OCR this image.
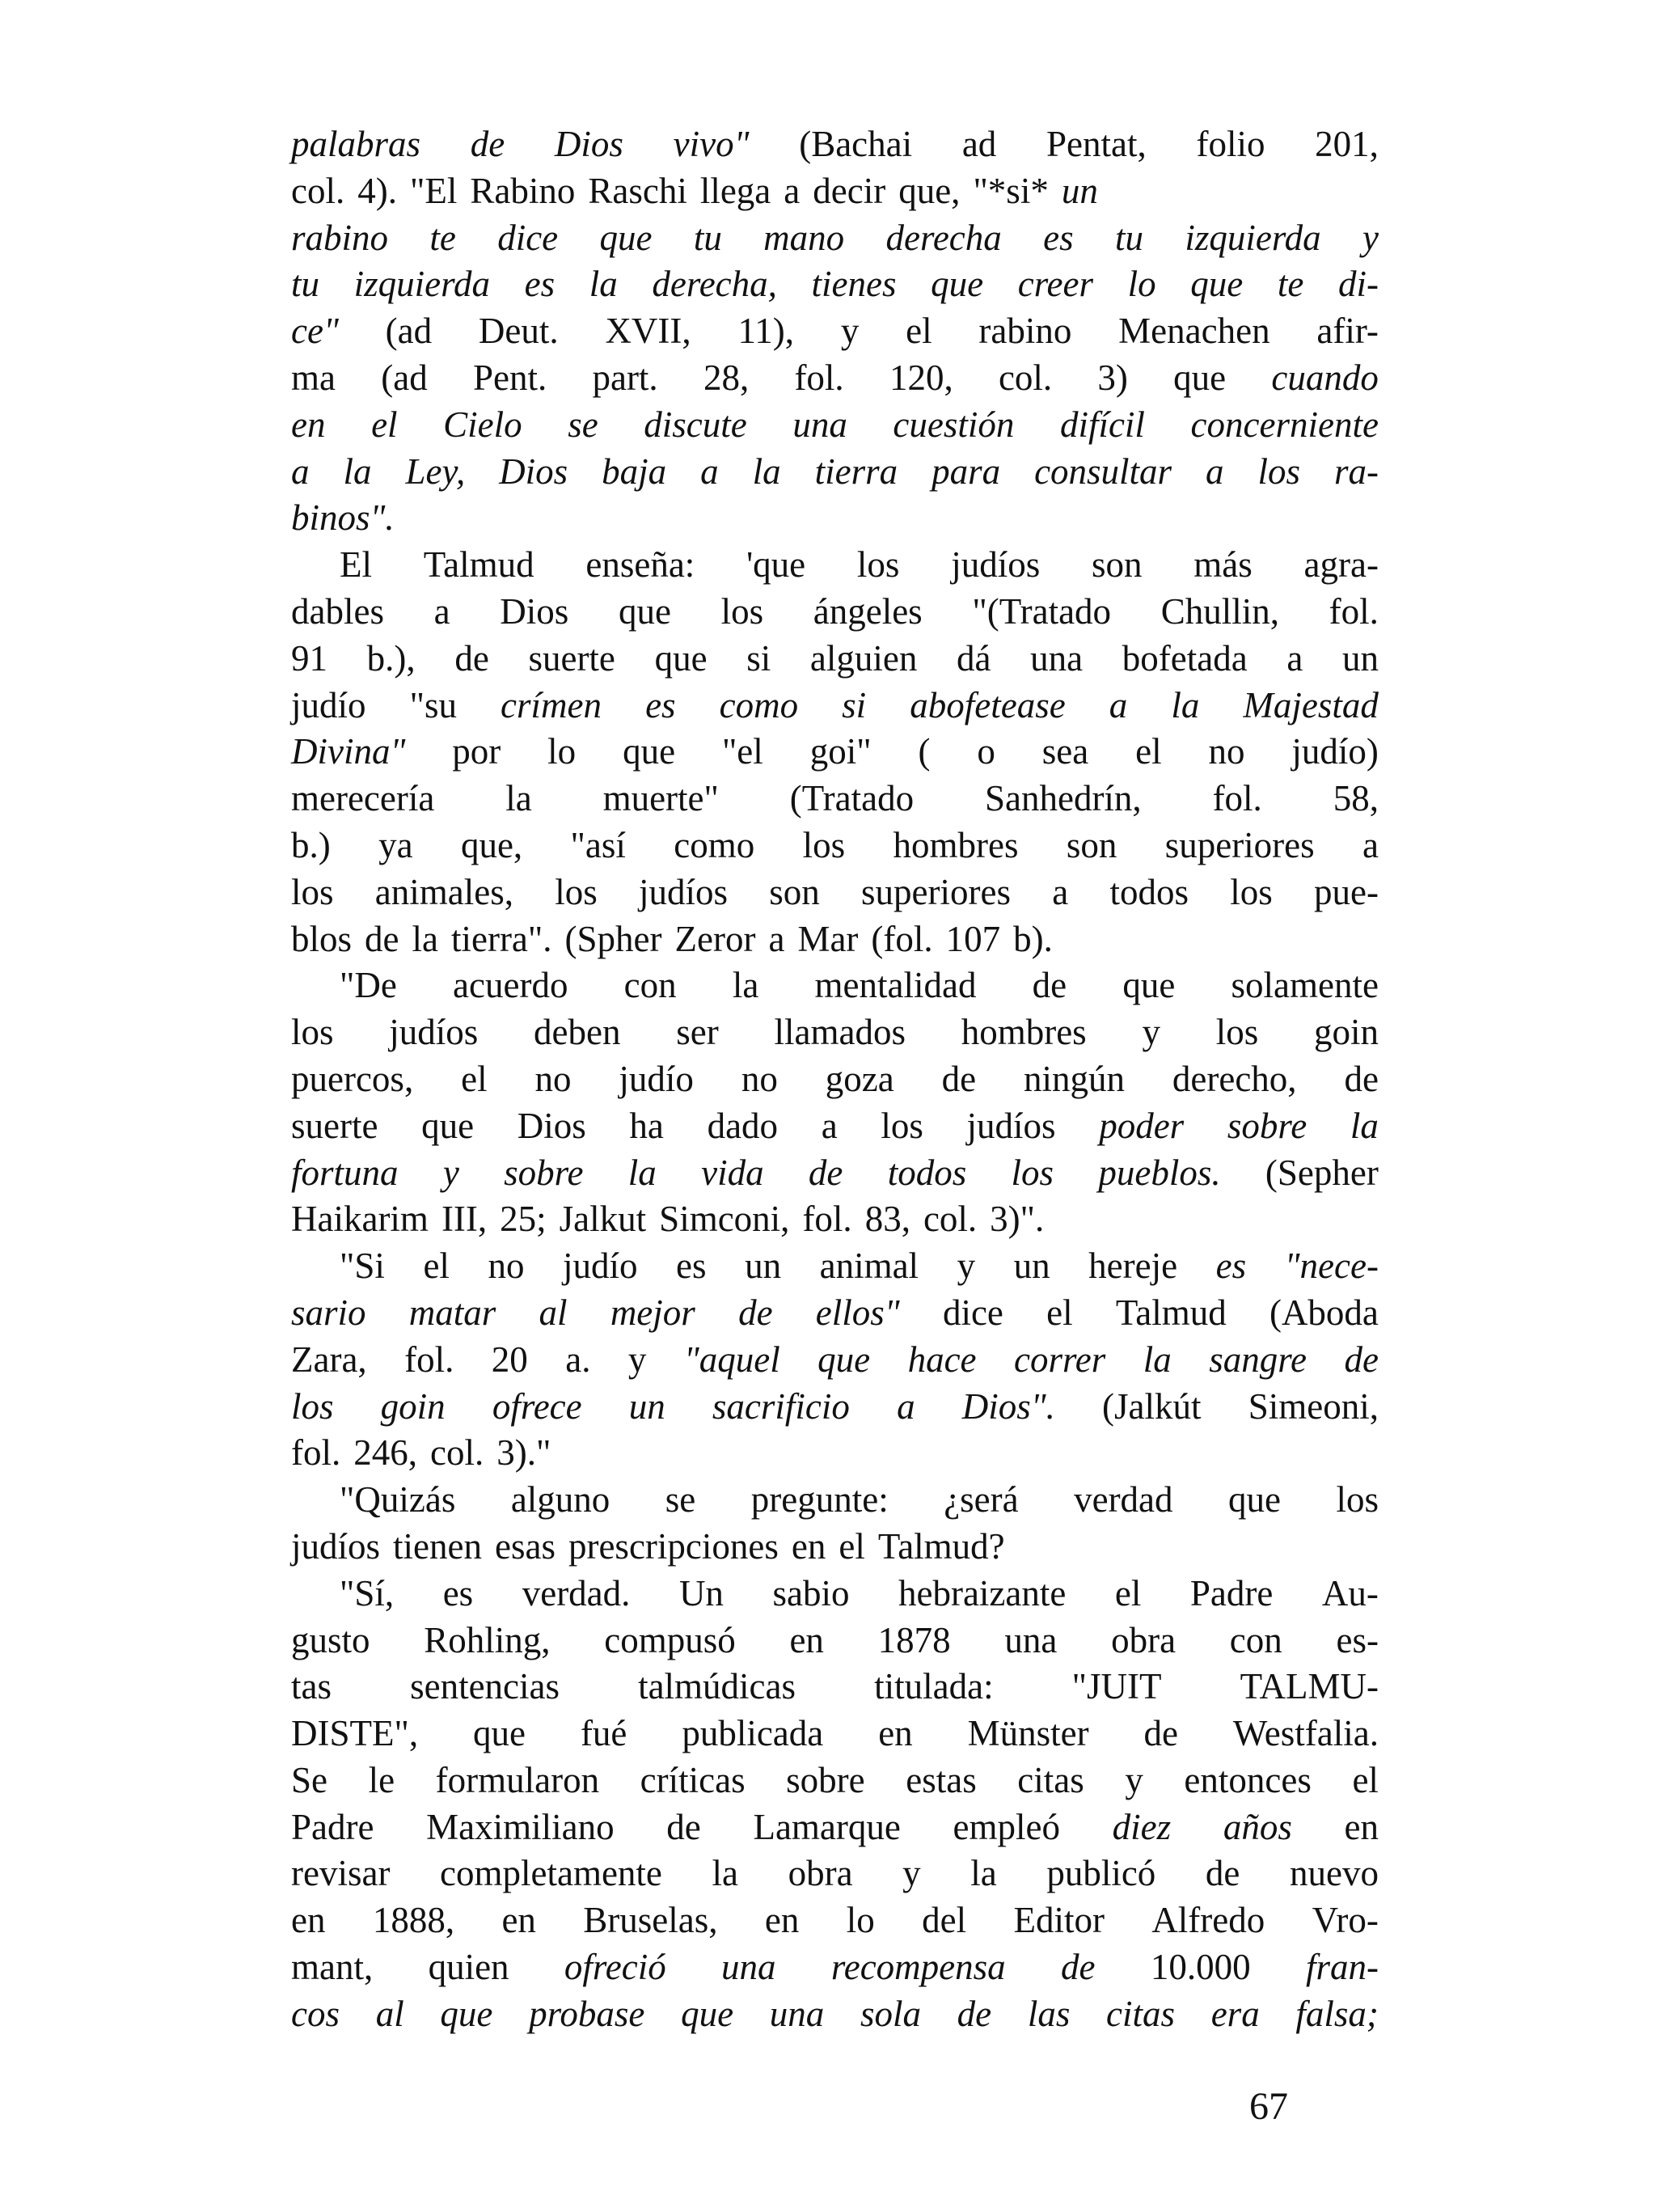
palabras de Dios vivo" (Bachai ad Pentat, folio 201,
col. 4). "El Rabino Raschi llega a decir que, "*si* un
rabino te dice que tu mano derecha es tu izquierda y
tu izquierda es la derecha, tienes que creer lo que te di-
ce" (ad Deut. XVII, 11), y el rabino Menachen afir-
ma (ad Pent. part. 28, fol. 120, col. 3) que cuando
en el Cielo se discute una cuestión difícil concerniente
a la Ley, Dios baja a la tierra para consultar a los ra-
binos".
El Talmud enseña: 'que los judíos son más agra-
dables a Dios que los ángeles "(Tratado Chullin, fol.
91 b.), de suerte que si alguien dá una bofetada a un
judío "su crímen es como si abofetease a la Majestad
Divina" por lo que "el goi" ( o sea el no judío)
merecería la muerte" (Tratado Sanhedrín, fol. 58,
b.) ya que, "así como los hombres son superiores a
los animales, los judíos son superiores a todos los pue-
blos de la tierra". (Spher Zeror a Mar (fol. 107 b).
"De acuerdo con la mentalidad de que solamente
los judíos deben ser llamados hombres y los goin
puercos, el no judío no goza de ningún derecho, de
suerte que Dios ha dado a los judíos poder sobre la
fortuna y sobre la vida de todos los pueblos. (Sepher
Haikarim III, 25; Jalkut Simconi, fol. 83, col. 3)".
"Si el no judío es un animal y un hereje es "nece-
sario matar al mejor de ellos" dice el Talmud (Aboda
Zara, fol. 20 a. y "aquel que hace correr la sangre de
los goin ofrece un sacrificio a Dios". (Jalkút Simeoni,
fol. 246, col. 3)."
"Quizás alguno se pregunte: ¿será verdad que los
judíos tienen esas prescripciones en el Talmud?
"Sí, es verdad. Un sabio hebraizante el Padre Au-
gusto Rohling, compusó en 1878 una obra con es-
tas sentencias talmúdicas titulada: "JUIT TALMU-
DISTE", que fué publicada en Münster de Westfalia.
Se le formularon críticas sobre estas citas y entonces el
Padre Maximiliano de Lamarque empleó diez años en
revisar completamente la obra y la publicó de nuevo
en 1888, en Bruselas, en lo del Editor Alfredo Vro-
mant, quien ofreció una recompensa de 10.000 fran-
cos al que probase que una sola de las citas era falsa;
67
